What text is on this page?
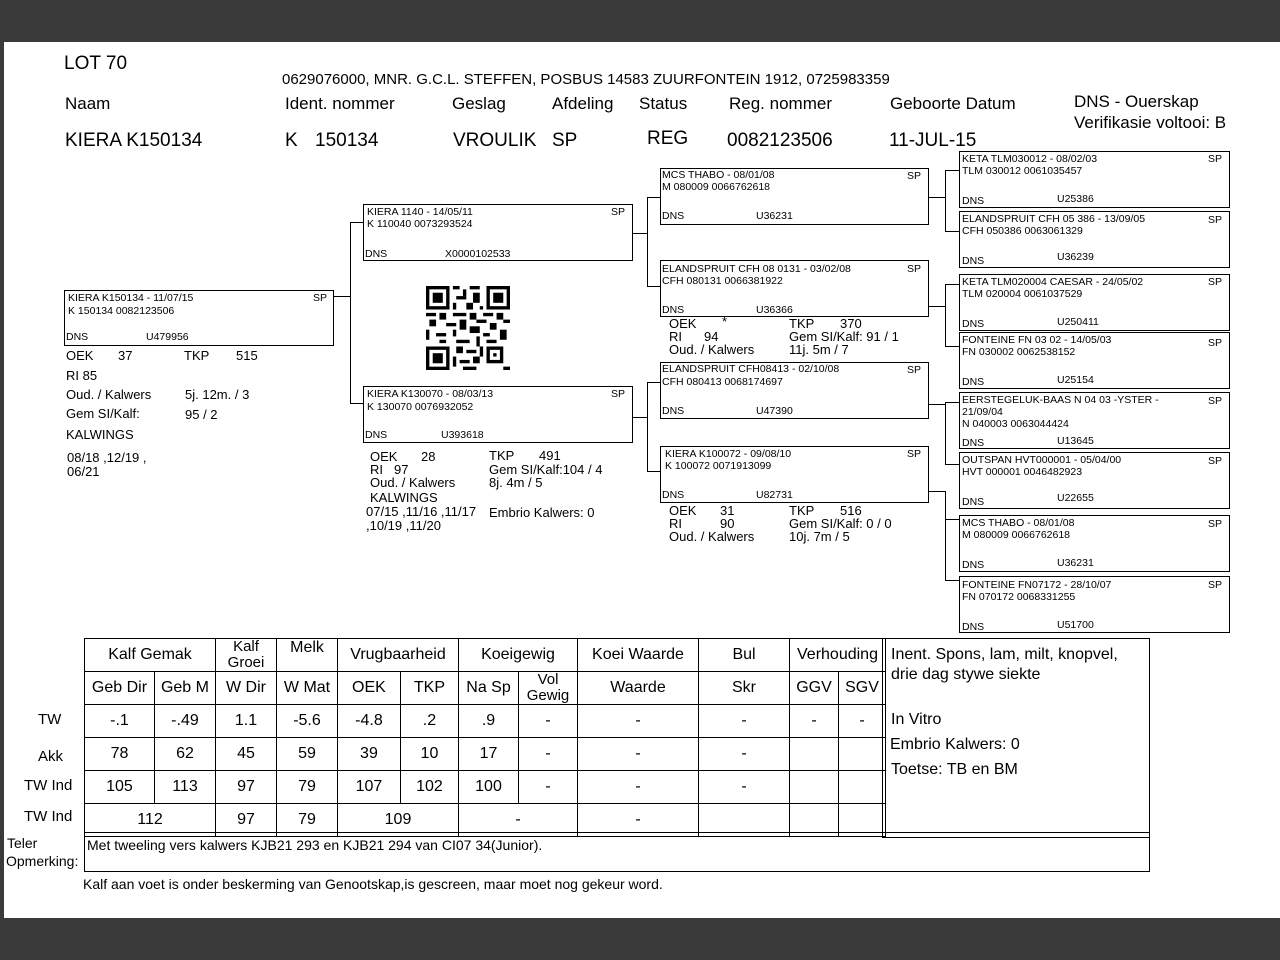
LOT 70
0629076000, MNR. G.C.L. STEFFEN, POSBUS 14583 ZUURFONTEIN 1912, 0725983359
Naam	Ident. nommer	Geslag	Afdeling Status Reg. nommer	Geboorte Datum	DNS - Ouerskap
Verifikasie voltooi: B
KIERA K150134	K 150134	VROULIK SP	REG 0082123506	11-JUL-15
KIERA K150134 - 11/07/15	SP
K 150134 0082123506
DNS	U479956
OEK 37	TKP 515
RI 85
Oud. / Kalwers	5j. 12m. / 3
Gem SI/Kalf:	95 / 2
KALWINGS
08/18 ,12/19 ,
06/21
KIERA 1140 - 14/05/11	SP
K 110040 0073293524
DNS	X0000102533
KIERA K130070 - 08/03/13	SP
K 130070 0076932052
DNS	U393618
OEK 28	TKP 491
RI 97	Gem SI/Kalf:104 / 4
Oud. / Kalwers	8j. 4m / 5
KALWINGS
07/15 ,11/16 ,11/17 Embrio Kalwers: 0
,10/19 ,11/20
MCS THABO - 08/01/08	SP
M 080009 0066762618
DNS	U36231
ELANDSPRUIT CFH 08 0131 - 03/02/08	SP
CFH 080131 0066381922
DNS	U36366
OEK *	TKP 370
RI 94	Gem SI/Kalf: 91 / 1
Oud. / Kalwers	11j. 5m / 7
ELANDSPRUIT CFH08413 - 02/10/08	SP
CFH 080413 0068174697
DNS	U47390
KIERA K100072 - 09/08/10	SP
K 100072 0071913099
DNS	U82731
OEK 31	TKP 516
RI	90	Gem SI/Kalf: 0 / 0
Oud. / Kalwers	10j. 7m / 5
KETA TLM030012 - 08/02/03	SP
TLM 030012 0061035457
DNS	U25386
ELANDSPRUIT CFH 05 386 - 13/09/05	SP
CFH 050386 0063061329
DNS	U36239
KETA TLM020004 CAESAR - 24/05/02	SP
TLM 020004 0061037529
DNS	U250411
FONTEINE FN 03 02 - 14/05/03	SP
FN 030002 0062538152
DNS	U25154
EERSTEGELUK-BAAS N 04 03 -YSTER -	SP
21/09/04
N 040003 0063044424
DNS	U13645
OUTSPAN HVT000001 - 05/04/00	SP
HVT 000001 0046482923
DNS	U22655
MCS THABO - 08/01/08	SP
M 080009 0066762618
DNS	U36231
FONTEINE FN07172 - 28/10/07	SP
FN 070172 0068331255
DNS	U51700
	Kalf Gemak		Kalf Groei	Melk	Vrugbaarheid		Koeigewig		Koei Waarde	Bul	Verhouding	
	Geb Dir	Geb M	W Dir	W Mat	OEK	TKP	Na Sp	Vol Gewig	Waarde	Skr	GGV	SGV

TW	-.1	-.49	1.1	-5.6	-4.8	.2	.9	-	-	-	-	-

Akk	78	62	45	59	39	10	17	-	-	-		

TW Ind	105	113	97	79	107	102	100	-	-	-		

TW Ind	112		97	79	109		-		-			
Inent. Spons, lam, milt, knopvel,
drie dag stywe siekte
In Vitro
Embrio Kalwers: 0
Toetse: TB en BM
Teler
Opmerking:
Met tweeling vers kalwers KJB21 293 en KJB21 294 van CI07 34(Junior).
Kalf aan voet is onder beskerming van Genootskap,is gescreen, maar moet nog gekeur word.
